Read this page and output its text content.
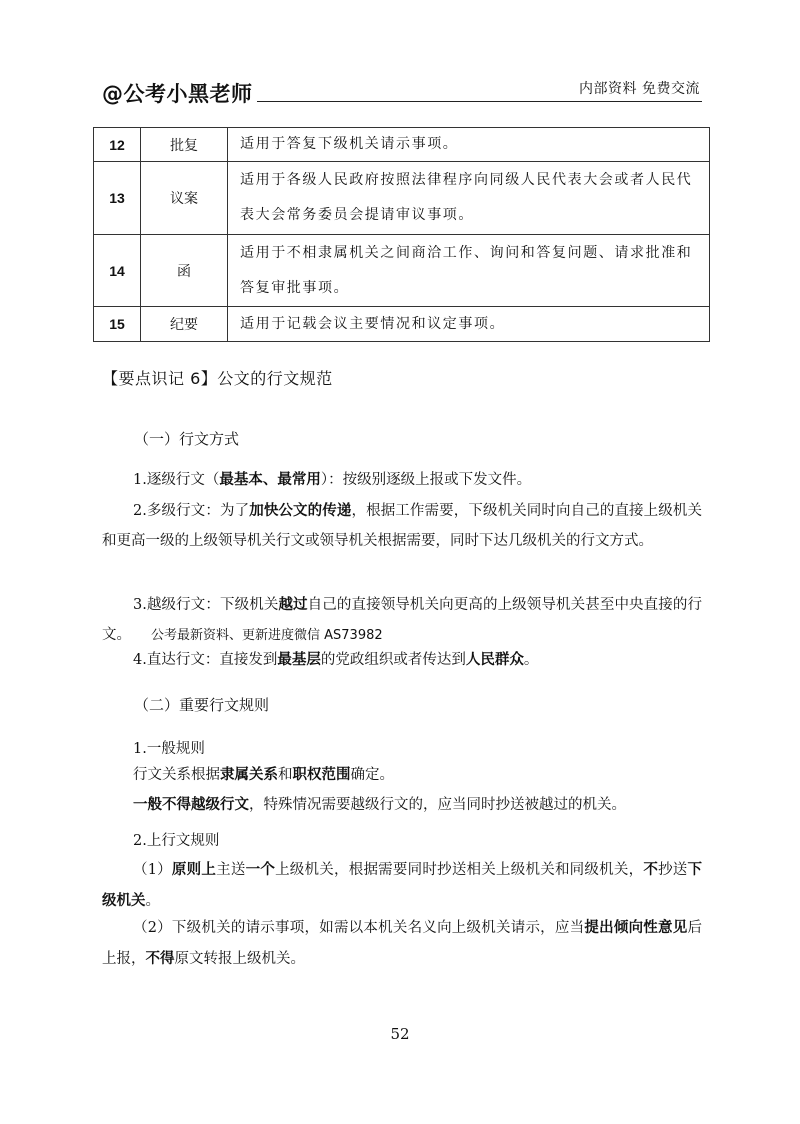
@公考小黑老师	内部资料 免费交流
12	批复	适用于答复下级机关请示事项。
13	议案	适用于各级人民政府按照法律程序向同级人民代表大会或者人民代
表大会常务委员会提请审议事项。
14	函	适用于不相隶属机关之间商洽工作、询问和答复问题、请求批准和
答复审批事项。
15	纪要	适用于记载会议主要情况和议定事项。
【要点识记 6】公文的行文规范
（一）行文方式
1.逐级行文（最基本、最常用）：按级别逐级上报或下发文件。
2.多级行文：为了加快公文的传递，根据工作需要，下级机关同时向自己的直接上级机关和更高一级的上级领导机关行文或领导机关根据需要，同时下达几级机关的行文方式。
3.越级行文：下级机关越过自己的直接领导机关向更高的上级领导机关甚至中央直接的行文。 公考最新资料、更新进度微信 AS73982
4.直达行文：直接发到最基层的党政组织或者传达到人民群众。
（二）重要行文规则
1.一般规则
行文关系根据隶属关系和职权范围确定。
一般不得越级行文，特殊情况需要越级行文的，应当同时抄送被越过的机关。
2.上行文规则
（1）原则上主送一个上级机关，根据需要同时抄送相关上级机关和同级机关，不抄送下级机关。
（2）下级机关的请示事项，如需以本机关名义向上级机关请示，应当提出倾向性意见后上报，不得原文转报上级机关。
52
